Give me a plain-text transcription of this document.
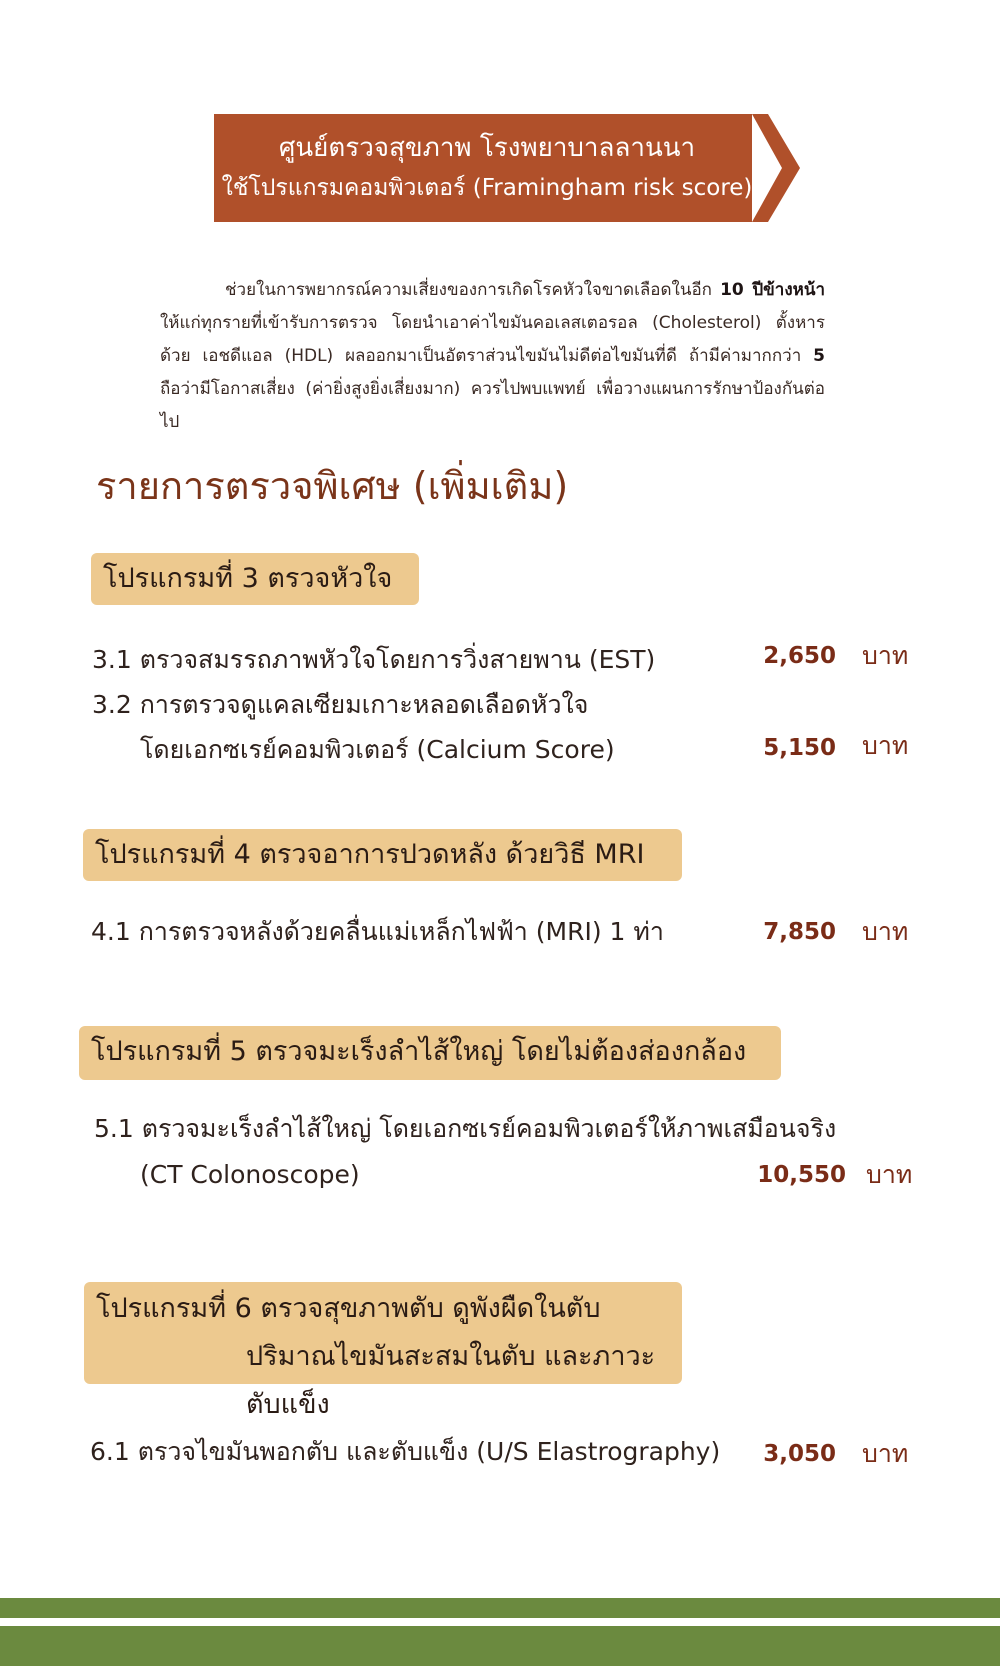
ศูนย์ตรวจสุขภาพ โรงพยาบาลลานนา
ใช้โปรแกรมคอมพิวเตอร์ (Framingham risk score)
ช่วยในการพยากรณ์ความเสี่ยงของการเกิดโรคหัวใจขาดเลือดในอีก 10 ปีข้างหน้า ให้แก่ทุกรายที่เข้ารับการตรวจ โดยนำเอาค่าไขมันคอเลสเตอรอล (Cholesterol) ตั้งหารด้วย เอชดีแอล (HDL) ผลออกมาเป็นอัตราส่วนไขมันไม่ดีต่อไขมันที่ดี ถ้ามีค่ามากกว่า 5 ถือว่ามีโอกาสเสี่ยง (ค่ายิ่งสูงยิ่งเสี่ยงมาก) ควรไปพบแพทย์ เพื่อวางแผนการรักษาป้องกันต่อไป
รายการตรวจพิเศษ (เพิ่มเติม)
โปรแกรมที่ 3 ตรวจหัวใจ
3.1 ตรวจสมรรถภาพหัวใจโดยการวิ่งสายพาน (EST)	2,650 บาท
3.2 การตรวจดูแคลเซียมเกาะหลอดเลือดหัวใจ
โดยเอกซเรย์คอมพิวเตอร์ (Calcium Score)	5,150 บาท
โปรแกรมที่ 4 ตรวจอาการปวดหลัง ด้วยวิธี MRI
4.1 การตรวจหลังด้วยคลื่นแม่เหล็กไฟฟ้า (MRI) 1 ท่า	7,850 บาท
โปรแกรมที่ 5 ตรวจมะเร็งลำไส้ใหญ่ โดยไม่ต้องส่องกล้อง
5.1 ตรวจมะเร็งลำไส้ใหญ่ โดยเอกซเรย์คอมพิวเตอร์ให้ภาพเสมือนจริง
(CT Colonoscope)	10,550 บาท
โปรแกรมที่ 6 ตรวจสุขภาพตับ ดูพังผืดในตับ
ปริมาณไขมันสะสมในตับ และภาวะตับแข็ง
6.1 ตรวจไขมันพอกตับ และตับแข็ง (U/S Elastrography)	3,050 บาท
